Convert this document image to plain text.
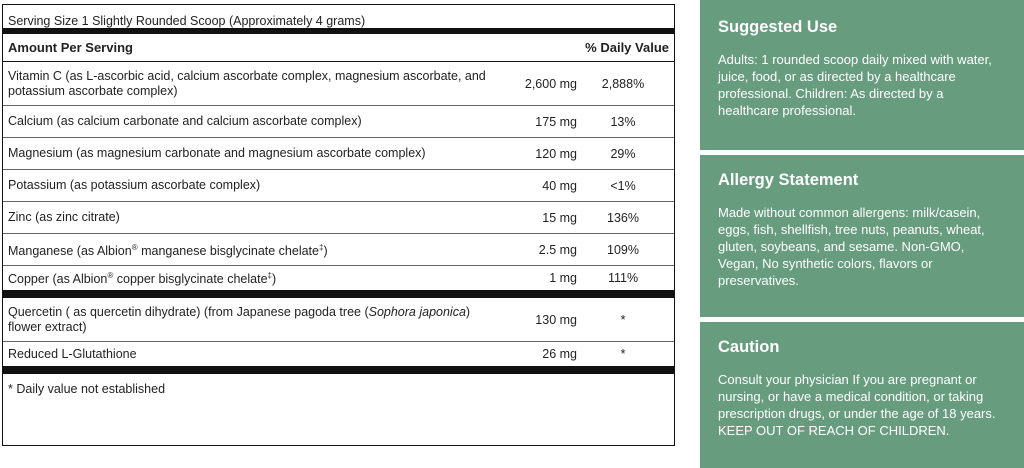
Serving Size 1 Slightly Rounded Scoop (Approximately 4 grams)
Amount Per Serving	% Daily Value
Vitamin C (as L-ascorbic acid, calcium ascorbate complex, magnesium ascorbate, and potassium ascorbate complex)	2,600 mg	2,888%
Calcium (as calcium carbonate and calcium ascorbate complex)	175 mg	13%
Magnesium (as magnesium carbonate and magnesium ascorbate complex)	120 mg	29%
Potassium (as potassium ascorbate complex)	40 mg	<1%
Zinc (as zinc citrate)	15 mg	136%
Manganese (as Albion® manganese bisglycinate chelate‡)	2.5 mg	109%
Copper (as Albion® copper bisglycinate chelate‡)	1 mg	111%
Quercetin ( as quercetin dihydrate) (from Japanese pagoda tree (Sophora japonica) flower extract)	130 mg	*
Reduced L-Glutathione	26 mg	*
* Daily value not established
Suggested Use

Adults: 1 rounded scoop daily mixed with water, juice, food, or as directed by a healthcare professional. Children: As directed by a healthcare professional.

Allergy Statement

Made without common allergens: milk/casein, eggs, fish, shellfish, tree nuts, peanuts, wheat, gluten, soybeans, and sesame. Non-GMO, Vegan, No synthetic colors, flavors or preservatives.

Caution

Consult your physician If you are pregnant or nursing, or have a medical condition, or taking prescription drugs, or under the age of 18 years. KEEP OUT OF REACH OF CHILDREN.
